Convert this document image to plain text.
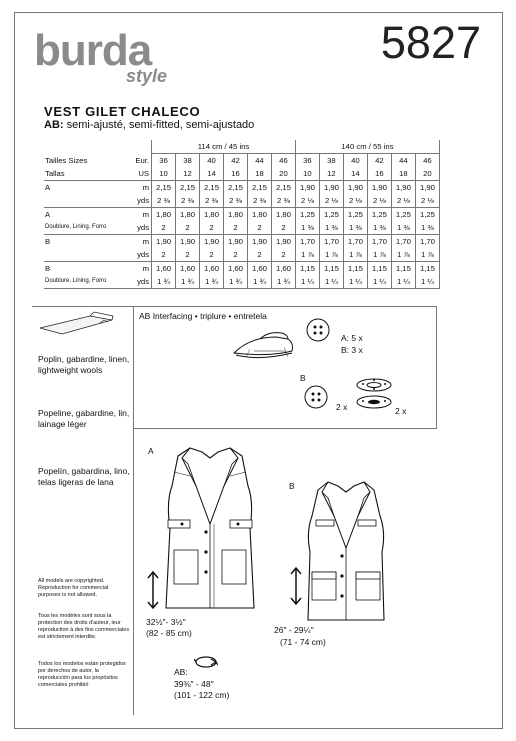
burda
style
5827
VEST GILET CHALECO
AB: semi-ajusté, semi-fitted, semi-ajustado
		114 cm / 45 ins						140 cm / 55 ins					
Tailles Sizes	Eur.	36	38	40	42	44	46	36	38	40	42	44	46
Tallas	US	10	12	14	16	18	20	10	12	14	16	18	20
A	m	2,15	2,15	2,15	2,15	2,15	2,15	1,90	1,90	1,90	1,90	1,90	1,90
	yds	2 ⅜	2 ⅜	2 ⅜	2 ⅜	2 ⅜	2 ⅜	2 ⅛	2 ⅛	2 ⅛	2 ⅛	2 ⅛	2 ⅛
A	m	1,80	1,80	1,80	1,80	1,80	1,80	1,25	1,25	1,25	1,25	1,25	1,25
Doublure, Lining, Forro	yds	2	2	2	2	2	2	1 ⅜	1 ⅜	1 ⅜	1 ⅜	1 ⅜	1 ⅜
B	m	1,90	1,90	1,90	1,90	1,90	1,90	1,70	1,70	1,70	1,70	1,70	1,70
	yds	2	2	2	2	2	2	1 ⅞	1 ⅞	1 ⅞	1 ⅞	1 ⅞	1 ⅞
B	m	1,60	1,60	1,60	1,60	1,60	1,60	1,15	1,15	1,15	1,15	1,15	1,15
Doublure, Lining, Forro	yds	1 ¾	1 ¾	1 ¾	1 ¾	1 ¾	1 ¾	1 ¼	1 ¼	1 ¼	1 ¼	1 ¼	1 ¼
Poplin, gabardine, linen, lightweight wools
Popeline, gabardine, lin, lainage léger
Popelín, gabardina, lino, telas ligeras de lana
All models are copyrighted. Reproduction for commercial purposes is not allowed.
Tous les modèles sont sous la protection des droits d'auteur, leur reproduction à des fins commerciales est strictement interdite.
Todos los modelos están protegidos por derechos de autor, la reproducción para los propósitos comerciales prohibió
AB Interfacing • triplure • entretela
A: 5 x
B: 3 x
B
2 x	2 x
A
32½"- 3½"
(82 - 85 cm)
B
26" - 29¼"
(71 - 74 cm)
AB:
39⅜" - 48"
(101 - 122 cm)
